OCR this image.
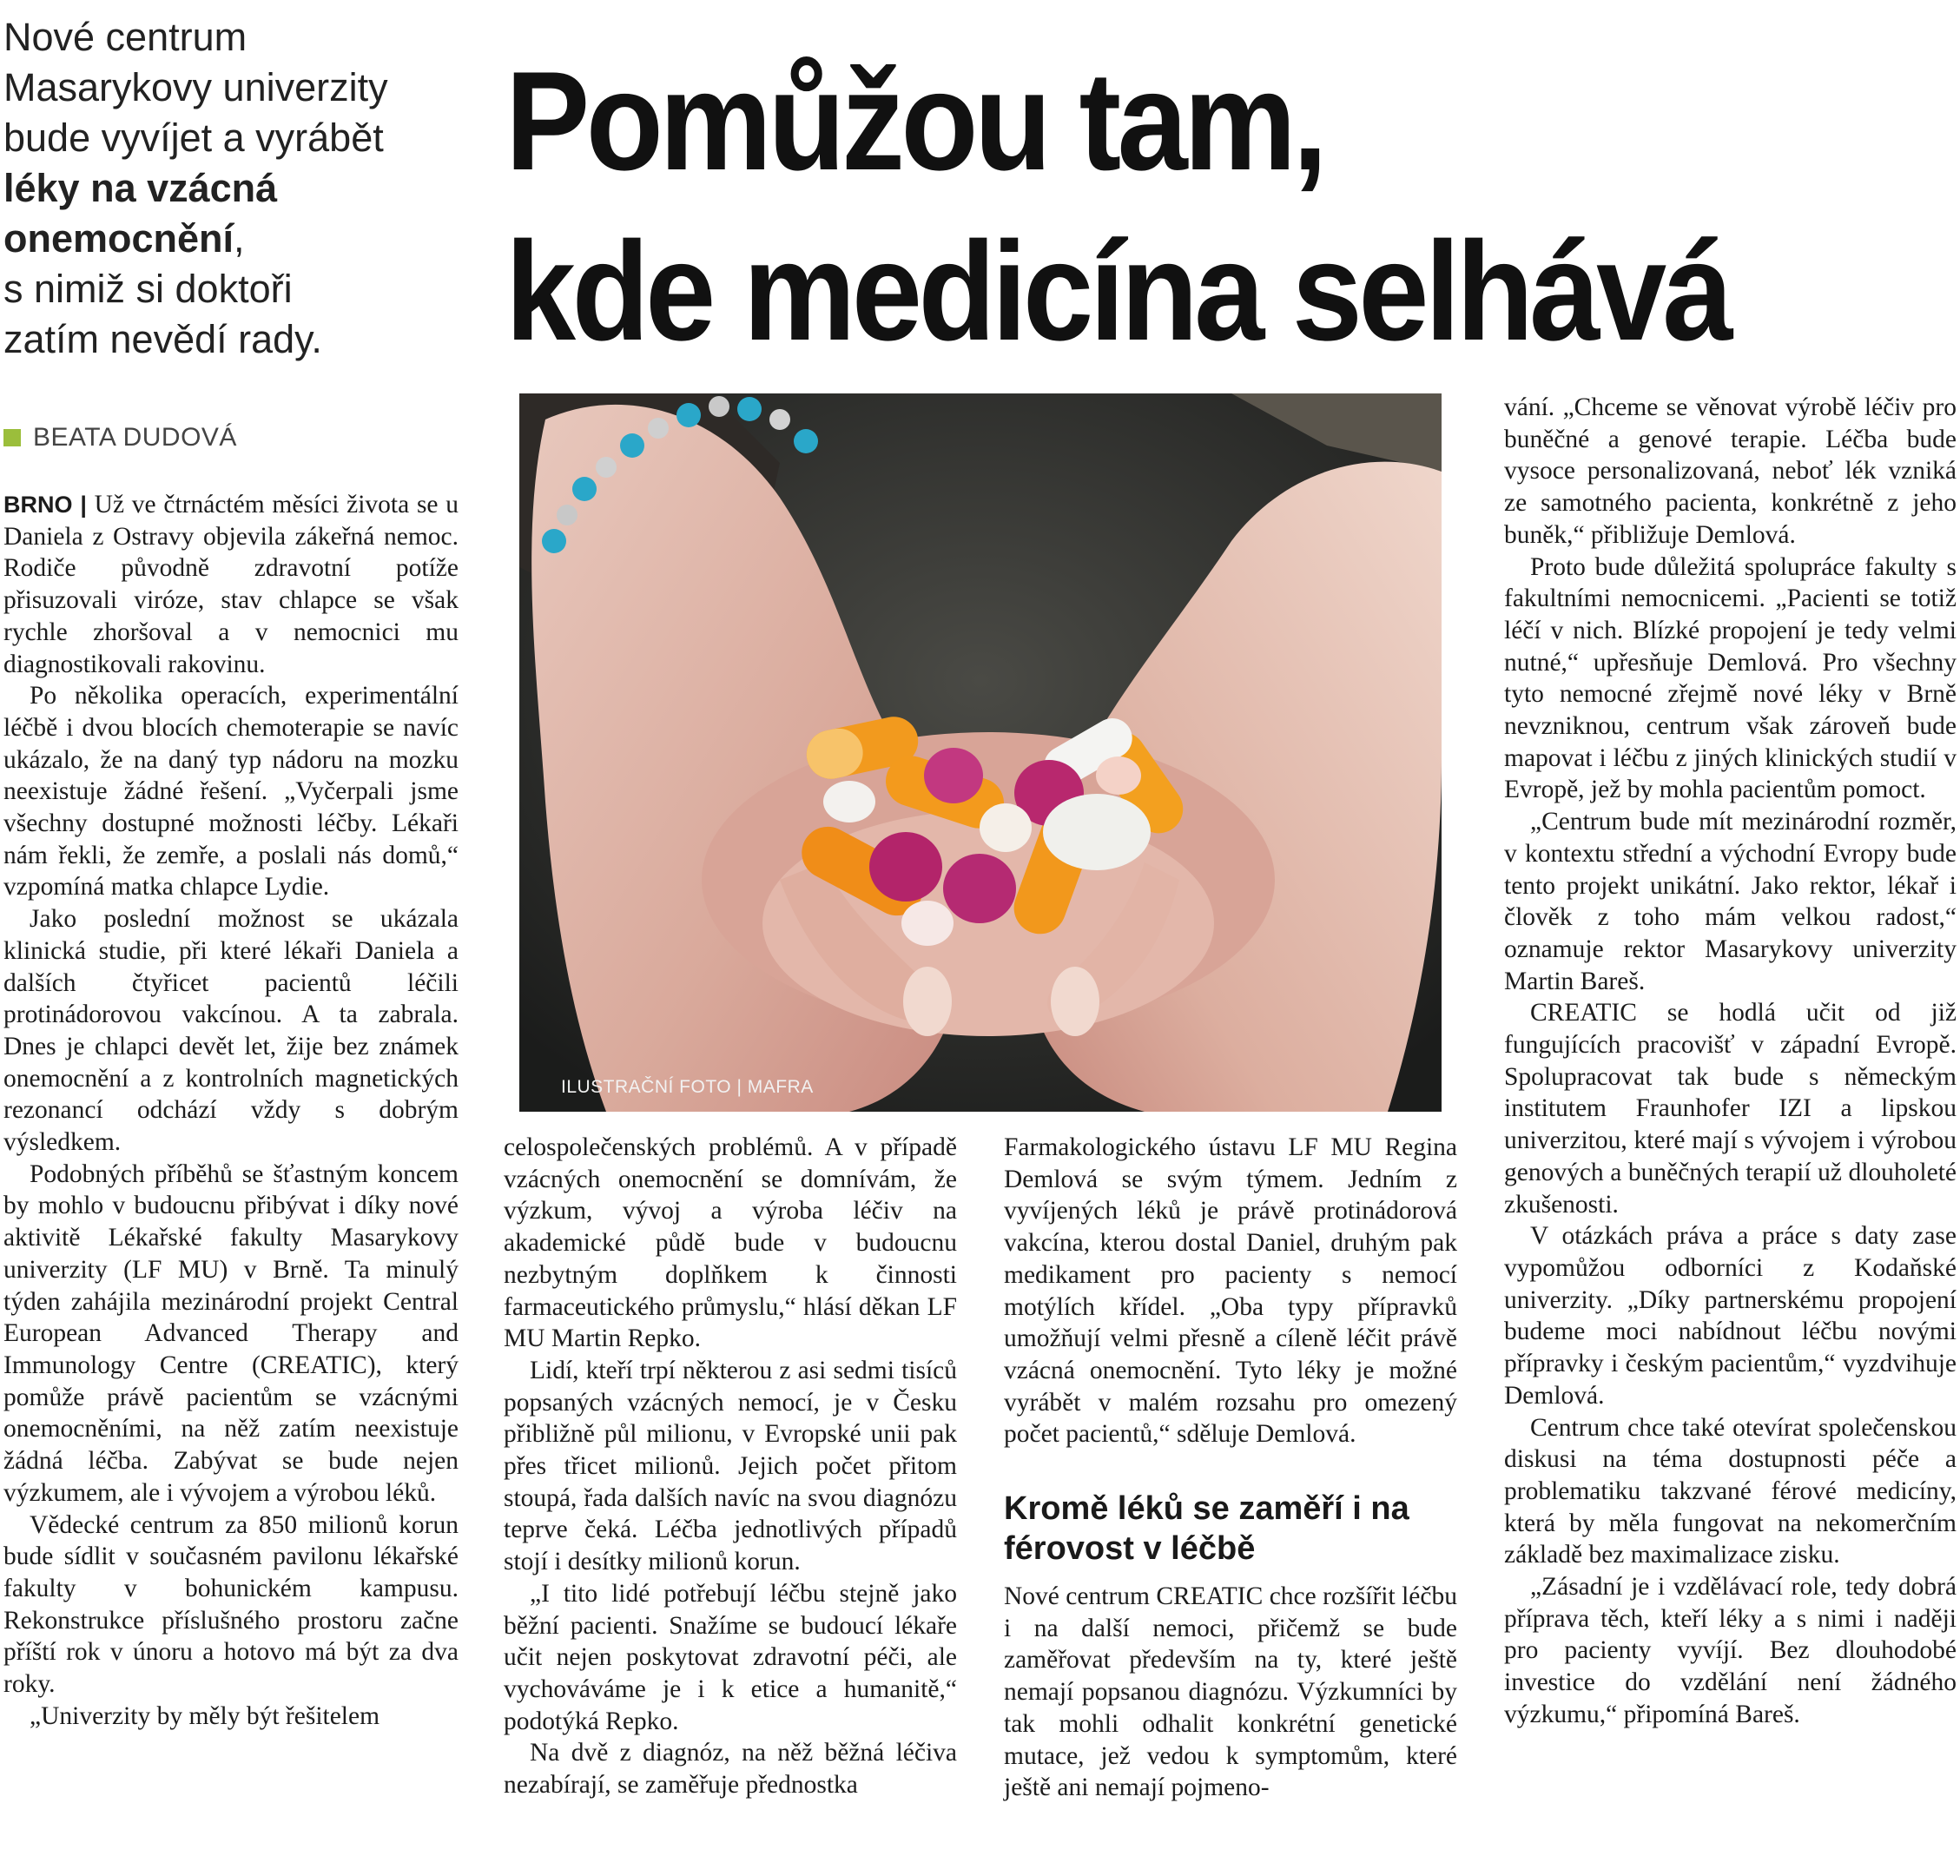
Nové centrum
Masarykovy univerzity
bude vyvíjet a vyrábět
léky na vzácná
onemocnění,
s nimiž si doktoři
zatím nevědí rady.
Pomůžou tam,
kde medicína selhává
BEATA DUDOVÁ
ILUSTRAČNÍ FOTO | MAFRA

BRNO | Už ve čtrnáctém měsíci života se u Daniela z Ostravy objevila zákeřná nemoc. Rodiče původně zdravotní potíže přisuzovali viróze, stav chlapce se však rychle zhoršoval a v nemocnici mu diagnostikovali rakovinu.

Po několika operacích, experimentální léčbě i dvou blocích chemoterapie se navíc ukázalo, že na daný typ nádoru na mozku neexistuje žádné řešení. „Vyčerpali jsme všechny dostupné možnosti léčby. Lékaři nám řekli, že zemře, a poslali nás domů,“ vzpomíná matka chlapce Lydie.

Jako poslední možnost se ukázala klinická studie, při které lékaři Daniela a dalších čtyřicet pacientů léčili protinádorovou vakcínou. A ta zabrala. Dnes je chlapci devět let, žije bez známek onemocnění a z kontrolních magnetických rezonancí odchází vždy s dobrým výsledkem.

Podobných příběhů se šťastným koncem by mohlo v budoucnu přibývat i díky nové aktivitě Lékařské fakulty Masarykovy univerzity (LF MU) v Brně. Ta minulý týden zahájila mezinárodní projekt Central European Advanced Therapy and Immunology Centre (CREATIC), který pomůže právě pacientům se vzácnými onemocněními, na něž zatím neexistuje žádná léčba. Zabývat se bude nejen výzkumem, ale i vývojem a výrobou léků.

Vědecké centrum za 850 milionů korun bude sídlit v současném pavilonu lékařské fakulty v bohunickém kampusu. Rekonstrukce příslušného prostoru začne příští rok v únoru a hotovo má být za dva roky.

„Univerzity by měly být řešitelem

celospolečenských problémů. A v případě vzácných onemocnění se domnívám, že výzkum, vývoj a výroba léčiv na akademické půdě bude v budoucnu nezbytným doplňkem k činnosti farmaceutického průmyslu,“ hlásí děkan LF MU Martin Repko.

Lidí, kteří trpí některou z asi sedmi tisíců popsaných vzácných nemocí, je v Česku přibližně půl milionu, v Evropské unii pak přes třicet milionů. Jejich počet přitom stoupá, řada dalších navíc na svou diagnózu teprve čeká. Léčba jednotlivých případů stojí i desítky milionů korun.

„I tito lidé potřebují léčbu stejně jako běžní pacienti. Snažíme se budoucí lékaře učit nejen poskytovat zdravotní péči, ale vychováváme je i k etice a humanitě,“ podotýká Repko.

Na dvě z diagnóz, na něž běžná léčiva nezabírají, se zaměřuje přednostka

Farmakologického ústavu LF MU Regina Demlová se svým týmem. Jedním z vyvíjených léků je právě protinádorová vakcína, kterou dostal Daniel, druhým pak medikament pro pacienty s nemocí motýlích křídel. „Oba typy přípravků umožňují velmi přesně a cíleně léčit právě vzácná onemocnění. Tyto léky je možné vyrábět v malém rozsahu pro omezený počet pacientů,“ sděluje Demlová.

Kromě léků se zaměří i na férovost v léčbě

Nové centrum CREATIC chce rozšířit léčbu i na další nemoci, přičemž se bude zaměřovat především na ty, které ještě nemají popsanou diagnózu. Výzkumníci by tak mohli odhalit konkrétní genetické mutace, jež vedou k symptomům, které ještě ani nemají pojmeno-

vání. „Chceme se věnovat výrobě léčiv pro buněčné a genové terapie. Léčba bude vysoce personalizovaná, neboť lék vzniká ze samotného pacienta, konkrétně z jeho buněk,“ přibližuje Demlová.

Proto bude důležitá spolupráce fakulty s fakultními nemocnicemi. „Pacienti se totiž léčí v nich. Blízké propojení je tedy velmi nutné,“ upřesňuje Demlová. Pro všechny tyto nemocné zřejmě nové léky v Brně nevzniknou, centrum však zároveň bude mapovat i léčbu z jiných klinických studií v Evropě, jež by mohla pacientům pomoct.

„Centrum bude mít mezinárodní rozměr, v kontextu střední a východní Evropy bude tento projekt unikátní. Jako rektor, lékař i člověk z toho mám velkou radost,“ oznamuje rektor Masarykovy univerzity Martin Bareš.

CREATIC se hodlá učit od již fungujících pracovišť v západní Evropě. Spolupracovat tak bude s německým institutem Fraunhofer IZI a lipskou univerzitou, které mají s vývojem i výrobou genových a buněčných terapií už dlouholeté zkušenosti.

V otázkách práva a práce s daty zase vypomůžou odborníci z Kodaňské univerzity. „Díky partnerskému propojení budeme moci nabídnout léčbu novými přípravky i českým pacientům,“ vyzdvihuje Demlová.

Centrum chce také otevírat společenskou diskusi na téma dostupnosti péče a problematiku takzvané férové medicíny, která by měla fungovat na nekomerčním základě bez maximalizace zisku.

„Zásadní je i vzdělávací role, tedy dobrá příprava těch, kteří léky a s nimi i naději pro pacienty vyvíjí. Bez dlouhodobé investice do vzdělání není žádného výzkumu,“ připomíná Bareš.
